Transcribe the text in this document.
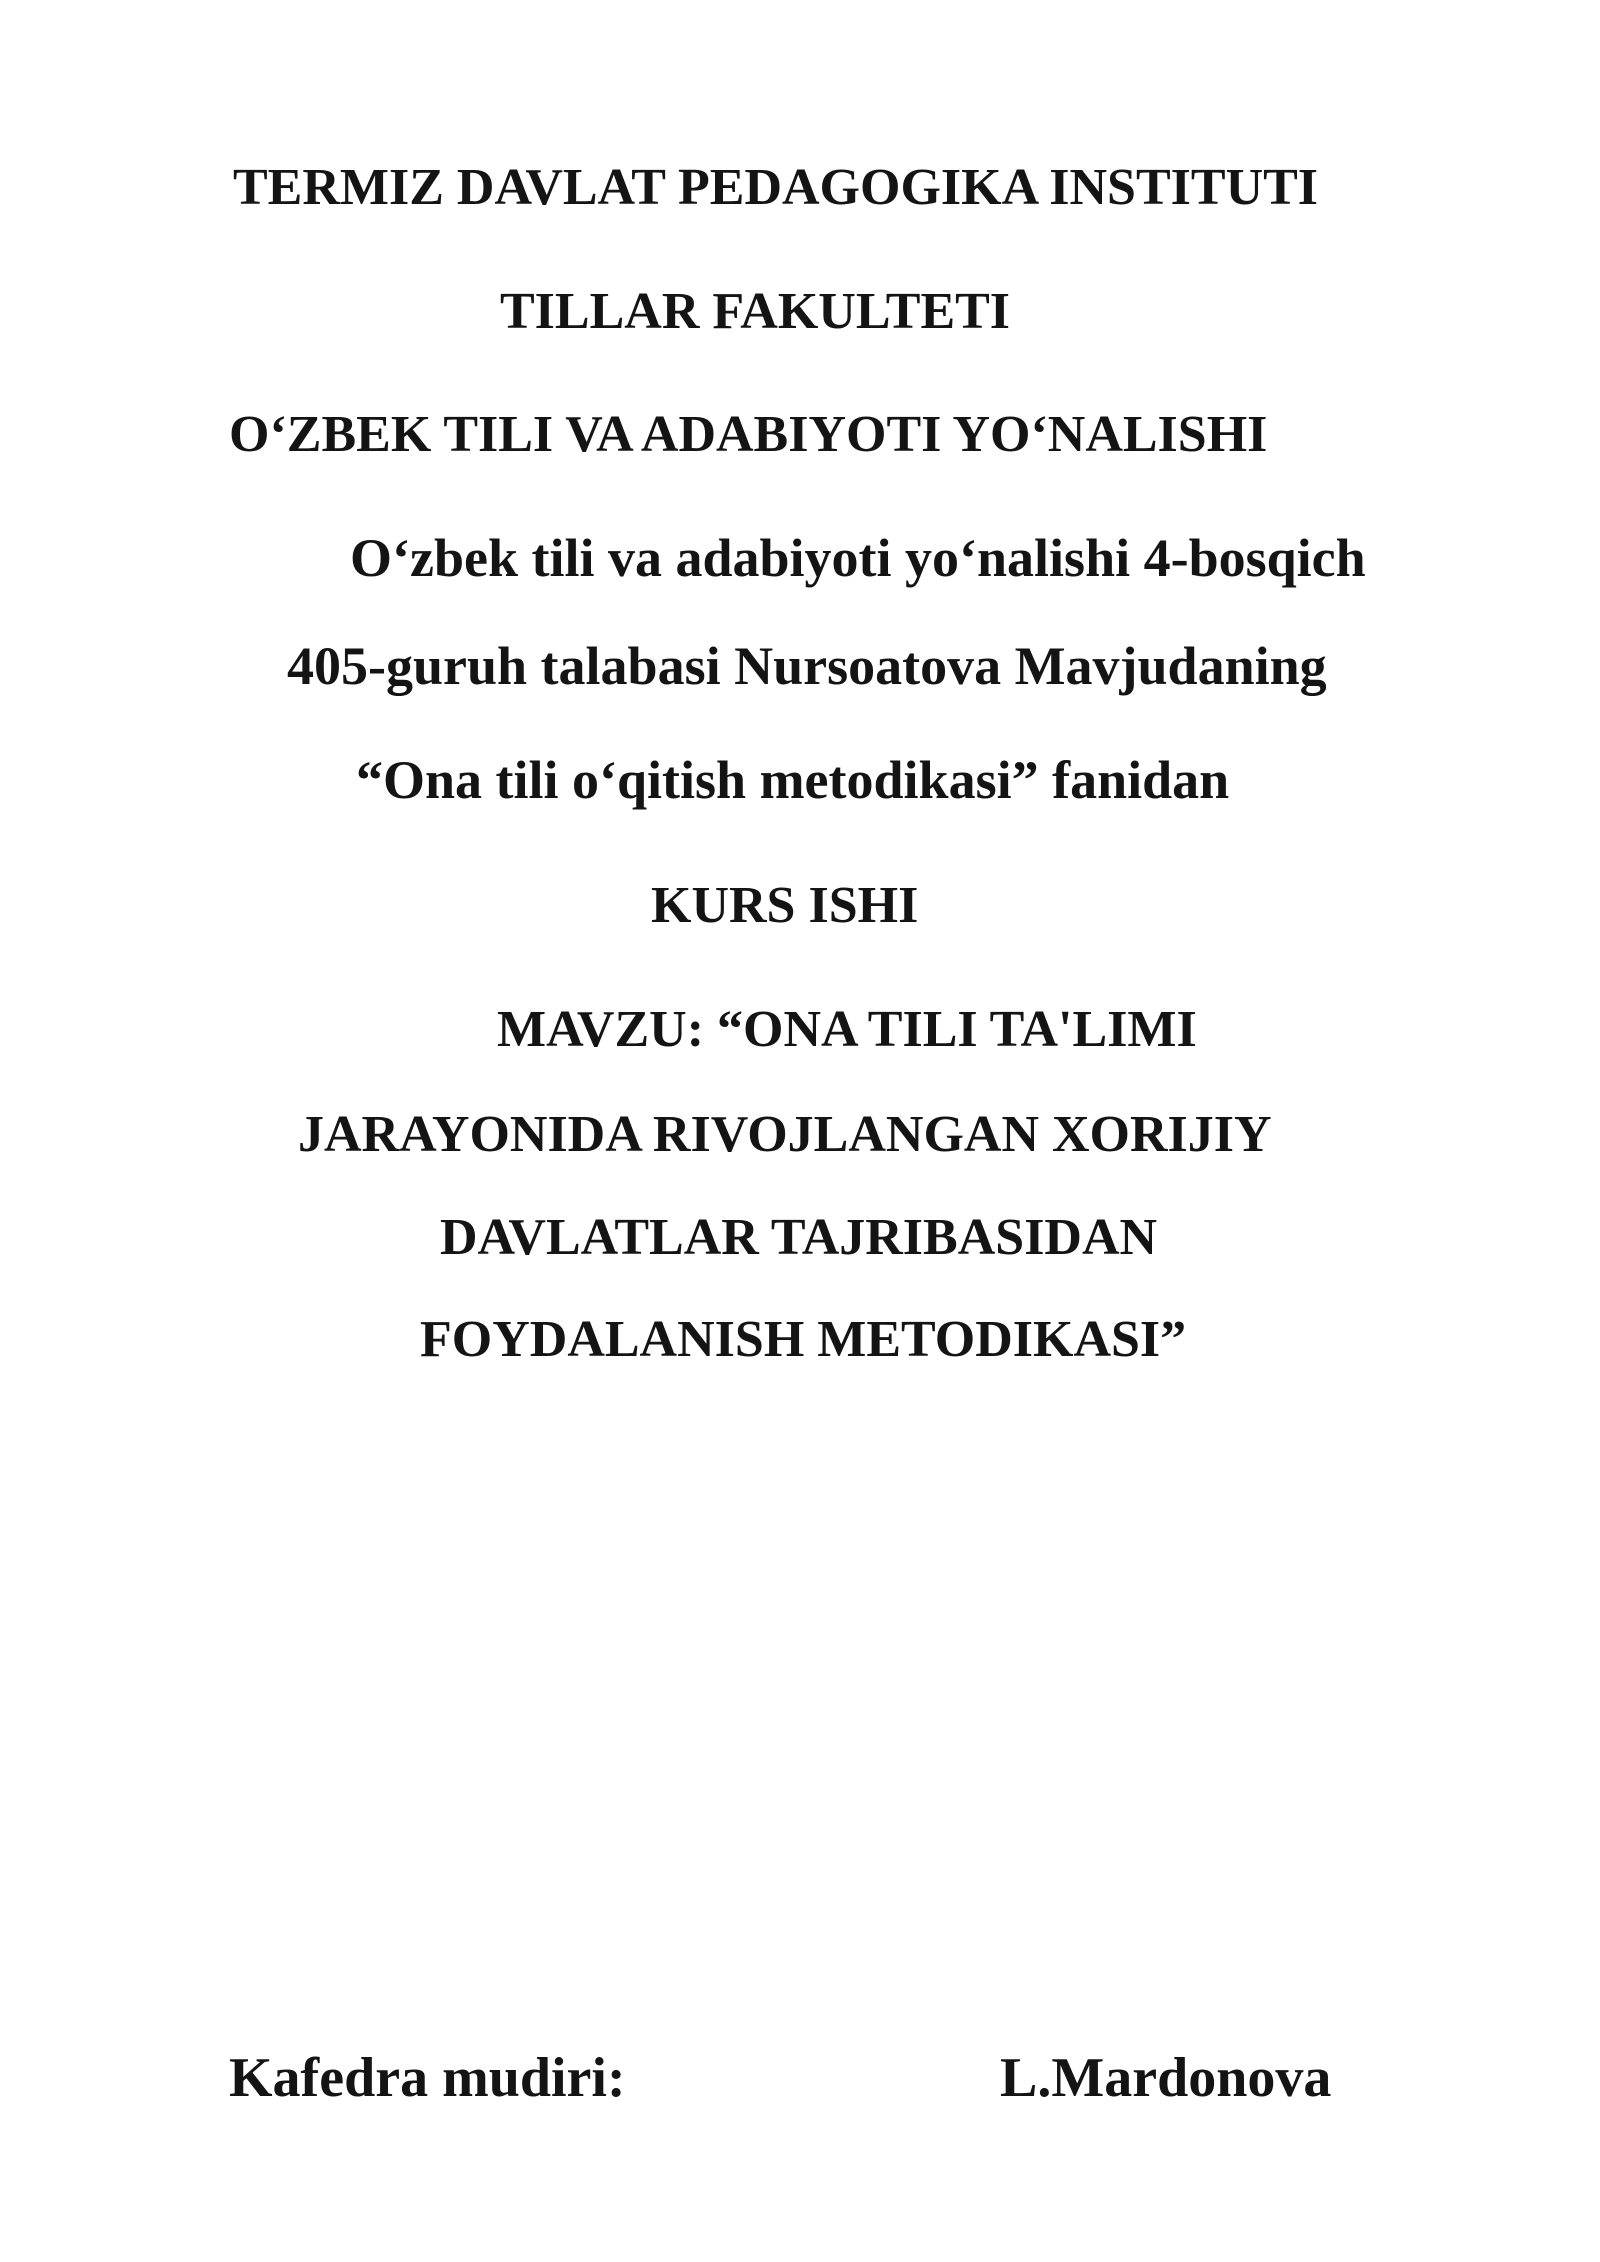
TERMIZ DAVLAT PEDAGOGIKA INSTITUTI
TILLAR FAKULTETI
O‘ZBEK TILI VA ADABIYOTI YO‘NALISHI
O‘zbek tili va adabiyoti yo‘nalishi 4-bosqich
405-guruh talabasi Nursoatova Mavjudaning
“Ona tili o‘qitish metodikasi” fanidan
KURS ISHI
MAVZU: “ONA TILI TA'LIMI
JARAYONIDA RIVOJLANGAN XORIJIY
DAVLATLAR TAJRIBASIDAN
FOYDALANISH METODIKASI”
Kafedra mudiri:	L.Mardonova
